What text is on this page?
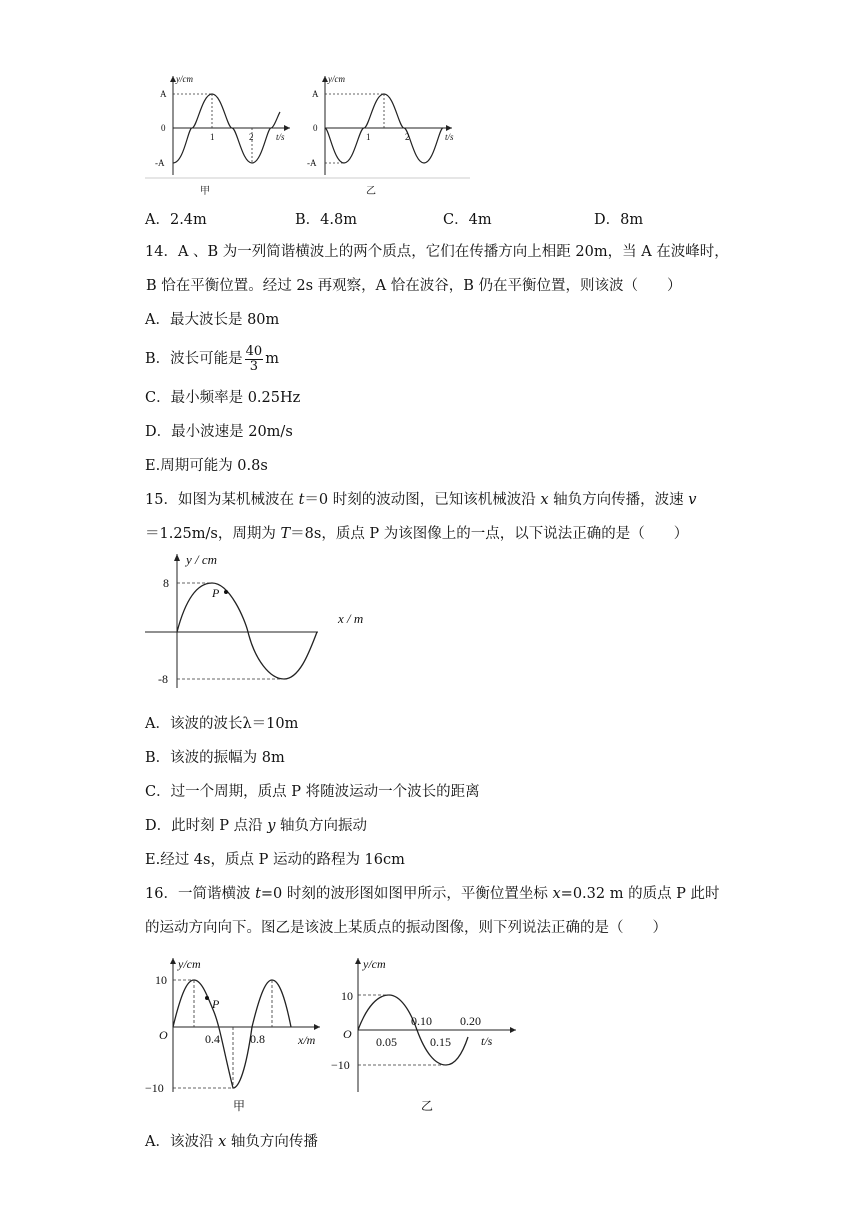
y/cm
t/s
A
0
-A
1	2
甲
y/cm
t/s
A
0
-A
1	2
乙
A．2.4m	B．4.8m	C．4m	D．8m
14．A 、B 为一列简谐横波上的两个质点，它们在传播方向上相距 20m，当 A 在波峰时，
B 恰在平衡位置。经过 2s 再观察，A 恰在波谷，B 仍在平衡位置，则该波（　　）
A．最大波长是 80m
B．波长可能是 $\frac{40}{3}$ m
C．最小频率是 0.25Hz
D．最小波速是 20m/s
E.周期可能为 0.8s
15．如图为某机械波在 t＝0 时刻的波动图，已知该机械波沿 x 轴负方向传播，波速 v
＝1.25m/s，周期为 T＝8s，质点 P 为该图像上的一点，以下说法正确的是（　　）
y / cm
x / m
8
-8
P
A．该波的波长λ＝10m
B．该波的振幅为 8m
C．过一个周期，质点 P 将随波运动一个波长的距离
D．此时刻 P 点沿 y 轴负方向振动
E.经过 4s，质点 P 运动的路程为 16cm
16．一简谐横波 t=0 时刻的波形图如图甲所示，平衡位置坐标 x=0.32 m 的质点 P 此时
的运动方向向下。图乙是该波上某质点的振动图像，则下列说法正确的是（　　）
y/cm
x/m
10
−10
O	0.4	0.8
P
甲
y/cm
t/s
10
−10
O
0.05
0.10
0.15
0.20
乙
A．该波沿 x 轴负方向传播
